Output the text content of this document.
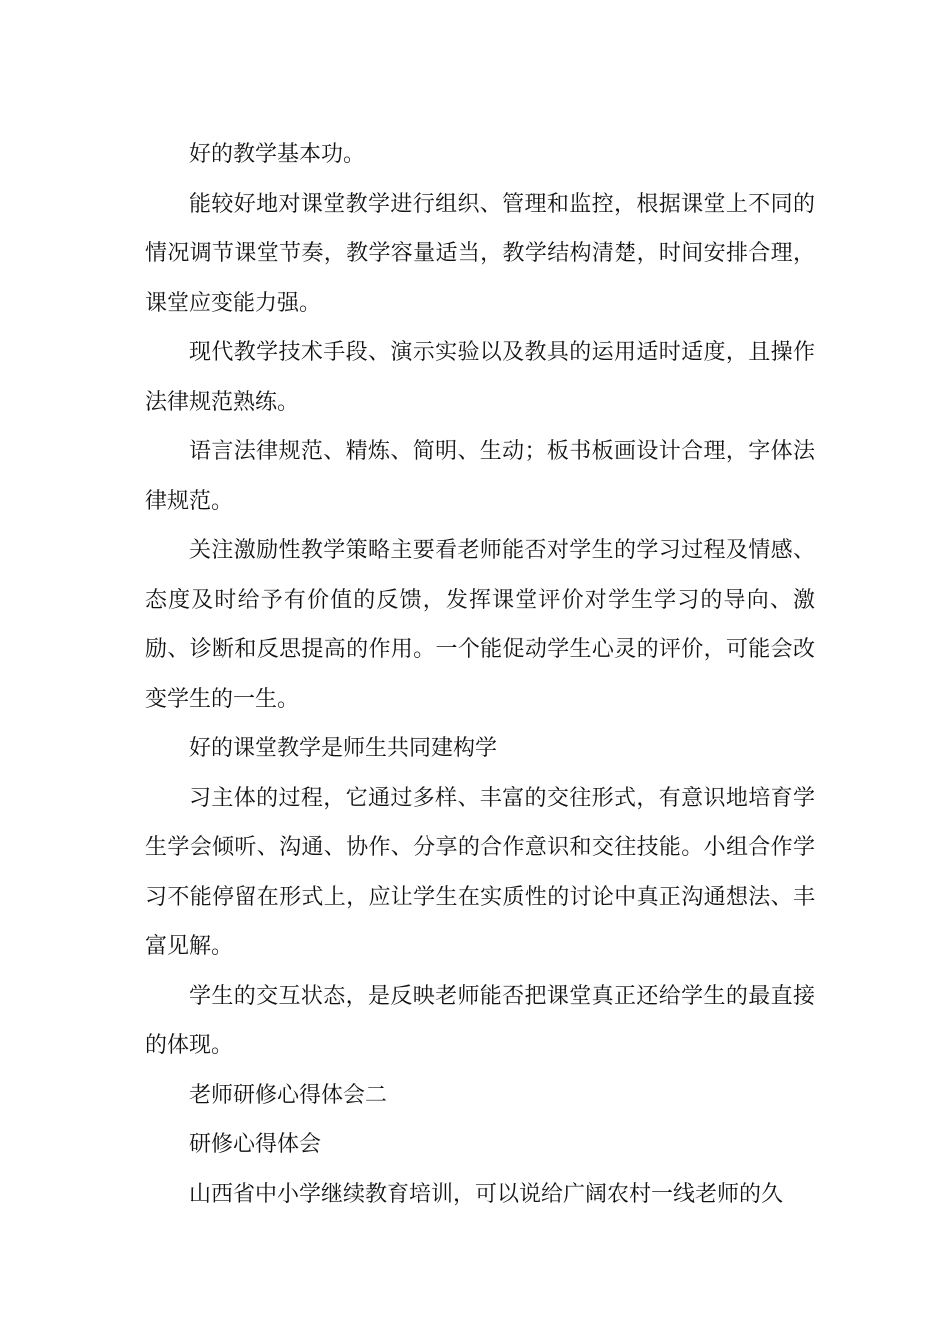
好的教学基本功。

能较好地对课堂教学进行组织、管理和监控，根据课堂上不同的情况调节课堂节奏，教学容量适当，教学结构清楚，时间安排合理，课堂应变能力强。

现代教学技术手段、演示实验以及教具的运用适时适度，且操作法律规范熟练。

语言法律规范、精炼、简明、生动；板书板画设计合理，字体法律规范。

关注激励性教学策略主要看老师能否对学生的学习过程及情感、态度及时给予有价值的反馈，发挥课堂评价对学生学习的导向、激励、诊断和反思提高的作用。一个能促动学生心灵的评价，可能会改变学生的一生。

好的课堂教学是师生共同建构学

习主体的过程，它通过多样、丰富的交往形式，有意识地培育学生学会倾听、沟通、协作、分享的合作意识和交往技能。小组合作学习不能停留在形式上，应让学生在实质性的讨论中真正沟通想法、丰富见解。

学生的交互状态，是反映老师能否把课堂真正还给学生的最直接的体现。

老师研修心得体会二

研修心得体会

山西省中小学继续教育培训，可以说给广阔农村一线老师的久
